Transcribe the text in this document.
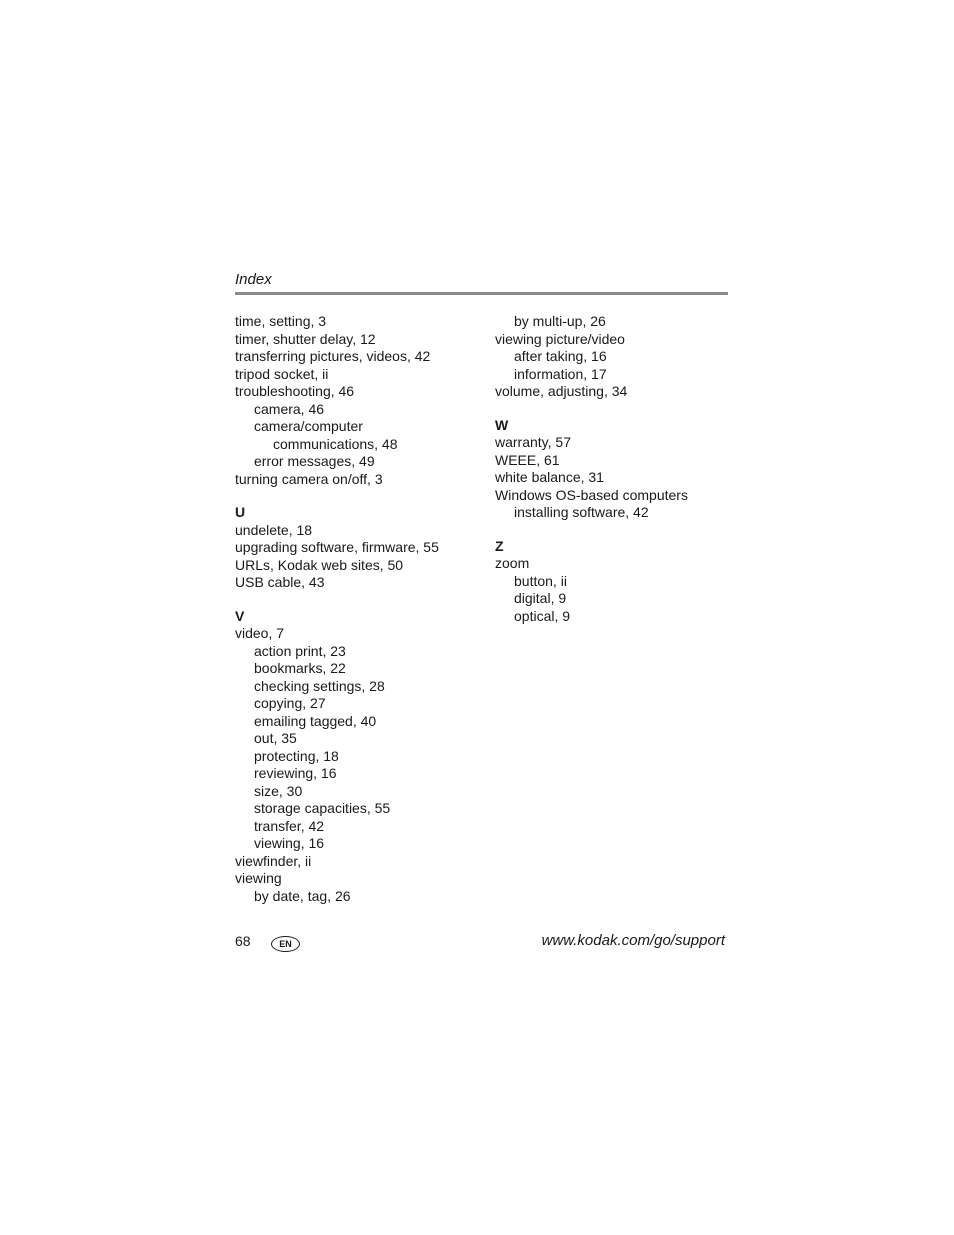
Index
time, setting, 3
timer, shutter delay, 12
transferring pictures, videos, 42
tripod socket, ii
troubleshooting, 46
camera, 46
camera/computer
communications, 48
error messages, 49
turning camera on/off, 3
U
undelete, 18
upgrading software, firmware, 55
URLs, Kodak web sites, 50
USB cable, 43
V
video, 7
action print, 23
bookmarks, 22
checking settings, 28
copying, 27
emailing tagged, 40
out, 35
protecting, 18
reviewing, 16
size, 30
storage capacities, 55
transfer, 42
viewing, 16
viewfinder, ii
viewing
by date, tag, 26
by multi-up, 26
viewing picture/video
after taking, 16
information, 17
volume, adjusting, 34
W
warranty, 57
WEEE, 61
white balance, 31
Windows OS-based computers
installing software, 42
Z
zoom
button, ii
digital, 9
optical, 9
68	EN	www.kodak.com/go/support
